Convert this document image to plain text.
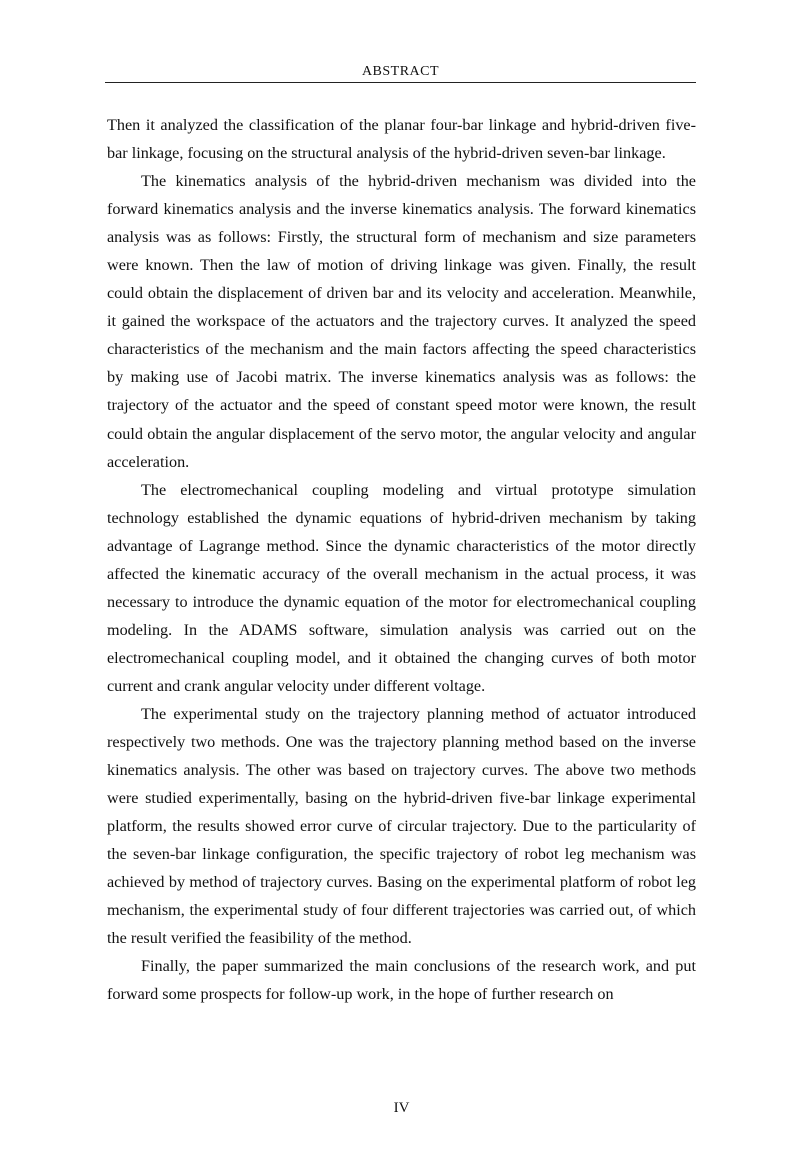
ABSTRACT

Then it analyzed the classification of the planar four-bar linkage and hybrid-driven five-bar linkage, focusing on the structural analysis of the hybrid-driven seven-bar linkage.

The kinematics analysis of the hybrid-driven mechanism was divided into the forward kinematics analysis and the inverse kinematics analysis. The forward kinematics analysis was as follows: Firstly, the structural form of mechanism and size parameters were known. Then the law of motion of driving linkage was given. Finally, the result could obtain the displacement of driven bar and its velocity and acceleration. Meanwhile, it gained the workspace of the actuators and the trajectory curves. It analyzed the speed characteristics of the mechanism and the main factors affecting the speed characteristics by making use of Jacobi matrix. The inverse kinematics analysis was as follows: the trajectory of the actuator and the speed of constant speed motor were known, the result could obtain the angular displacement of the servo motor, the angular velocity and angular acceleration.

The electromechanical coupling modeling and virtual prototype simulation technology established the dynamic equations of hybrid-driven mechanism by taking advantage of Lagrange method. Since the dynamic characteristics of the motor directly affected the kinematic accuracy of the overall mechanism in the actual process, it was necessary to introduce the dynamic equation of the motor for electromechanical coupling modeling. In the ADAMS software, simulation analysis was carried out on the electromechanical coupling model, and it obtained the changing curves of both motor current and crank angular velocity under different voltage.

The experimental study on the trajectory planning method of actuator introduced respectively two methods. One was the trajectory planning method based on the inverse kinematics analysis. The other was based on trajectory curves. The above two methods were studied experimentally, basing on the hybrid-driven five-bar linkage experimental platform, the results showed error curve of circular trajectory. Due to the particularity of the seven-bar linkage configuration, the specific trajectory of robot leg mechanism was achieved by method of trajectory curves. Basing on the experimental platform of robot leg mechanism, the experimental study of four different trajectories was carried out, of which the result verified the feasibility of the method.

Finally, the paper summarized the main conclusions of the research work, and put forward some prospects for follow-up work, in the hope of further research on

IV
